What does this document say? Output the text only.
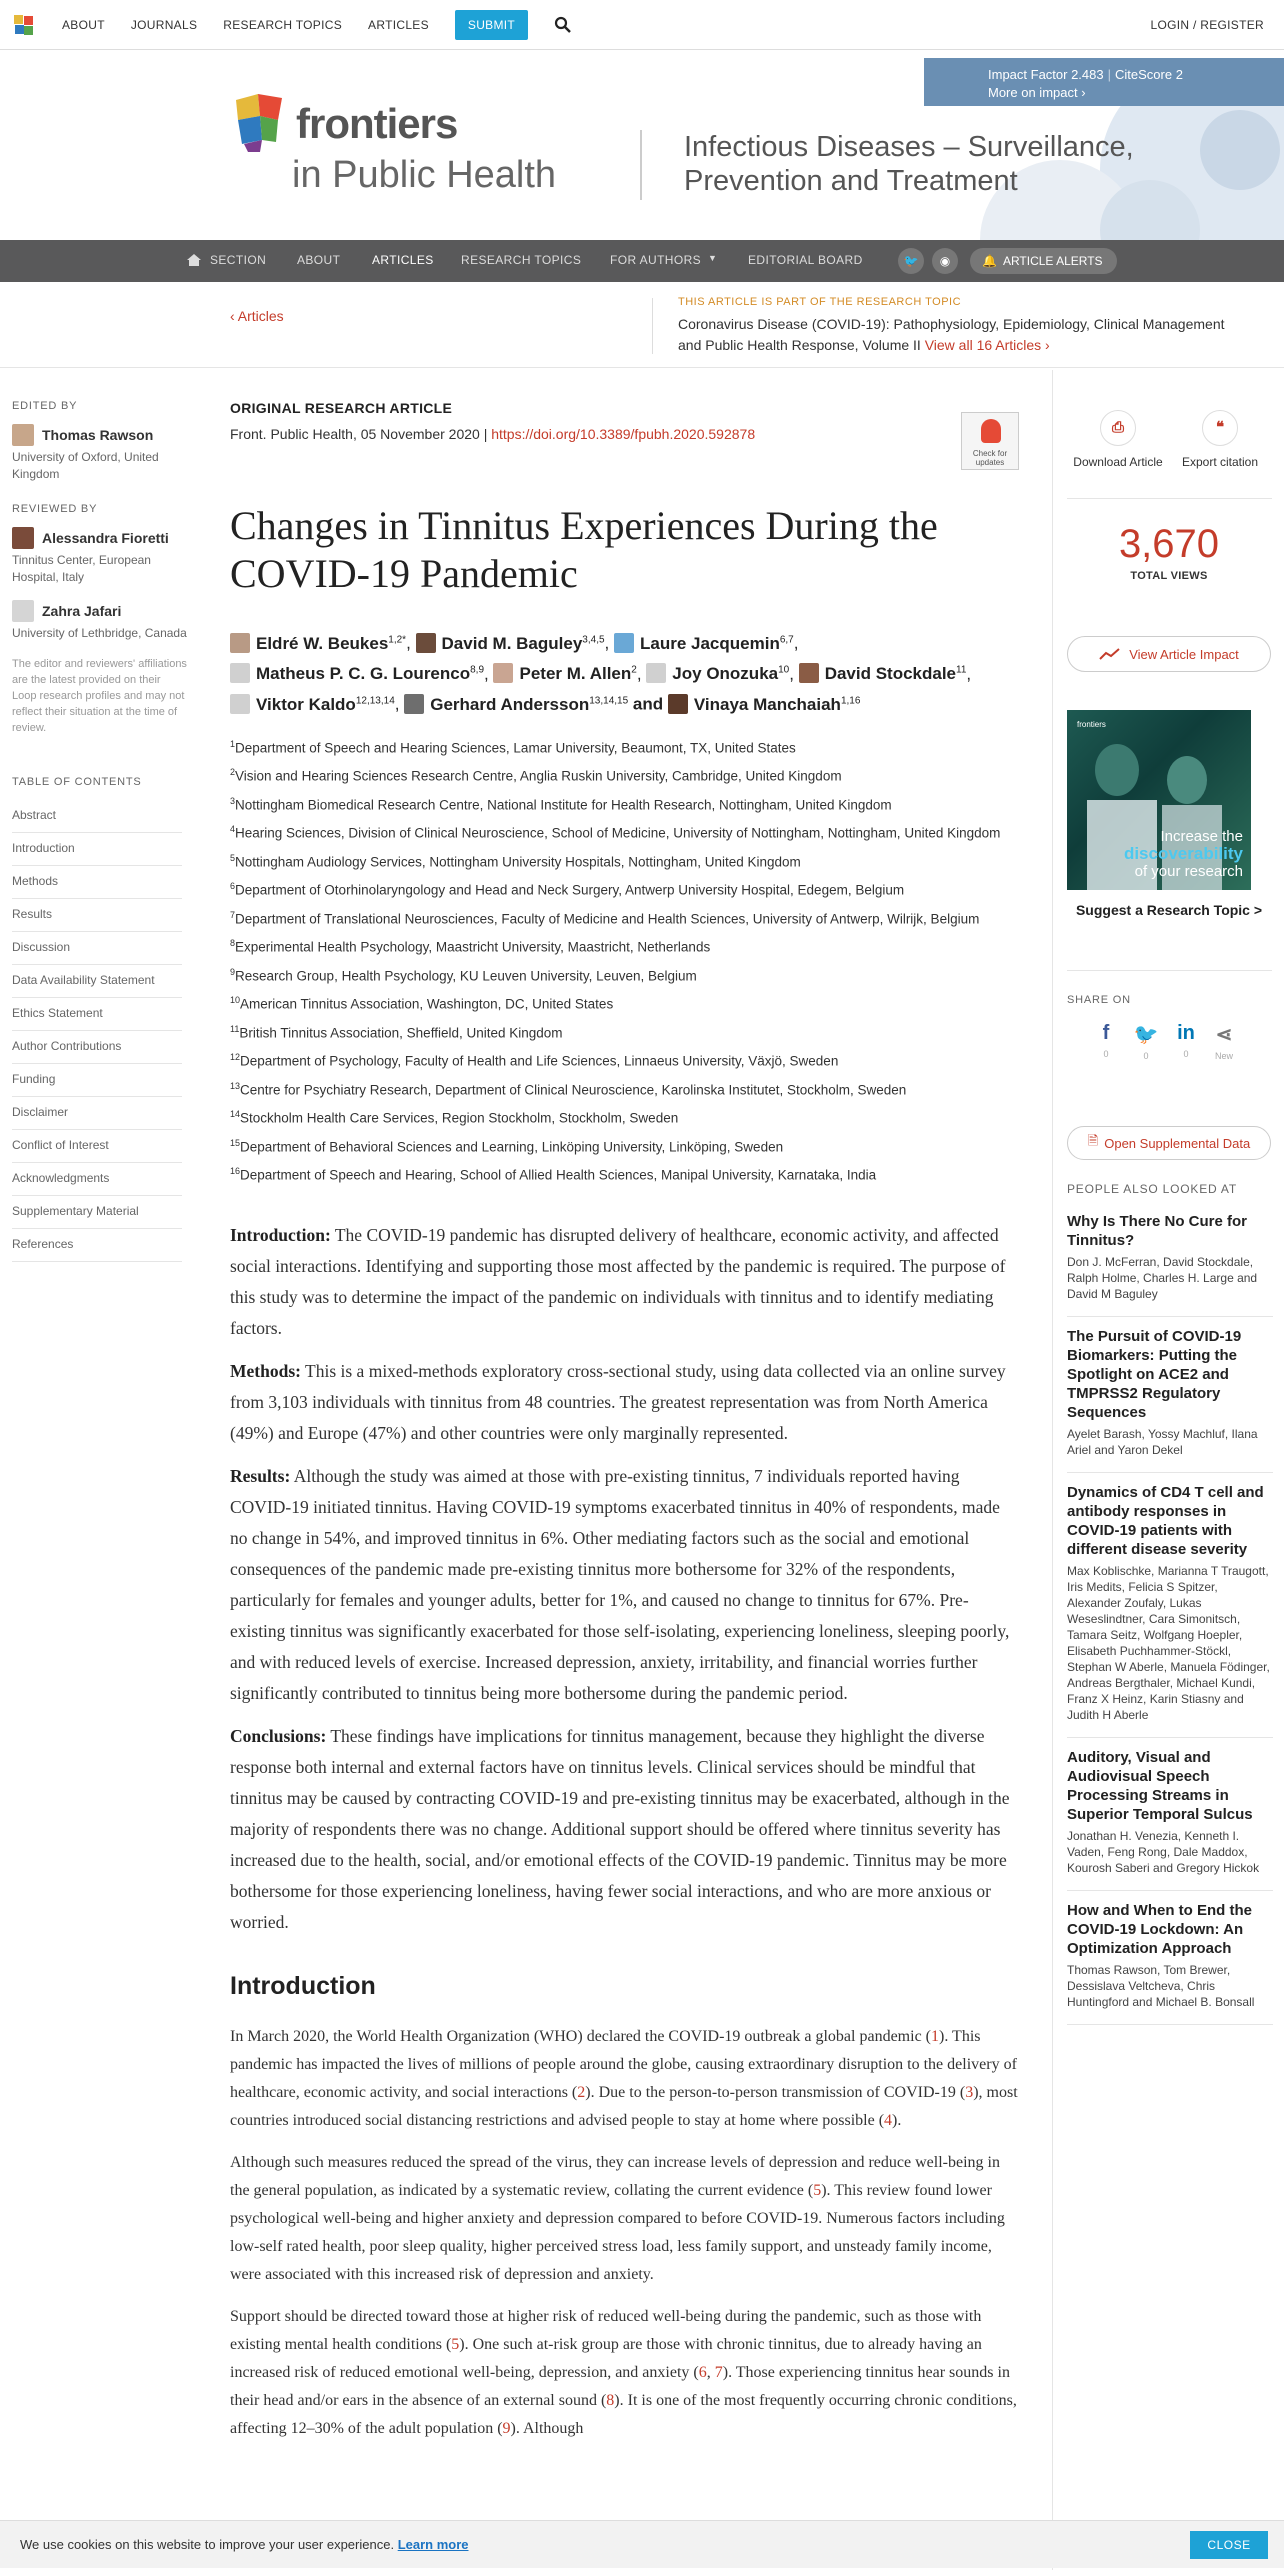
ABOUT JOURNALS RESEARCH TOPICS ARTICLES	SUBMIT	LOGIN / REGISTER
Impact Factor 2.483 | CiteScore 2
More on impact ›
frontiers
in Public Health
Infectious Diseases – Surveillance, Prevention and Treatment
SECTION	ABOUT	ARTICLES RESEARCH TOPICS FOR AUTHORS ▼	EDITORIAL BOARD	🐦	◉	🔔 ARTICLE ALERTS
‹ Articles
THIS ARTICLE IS PART OF THE RESEARCH TOPIC
Coronavirus Disease (COVID-19): Pathophysiology, Epidemiology, Clinical Management and Public Health Response, Volume II View all 16 Articles ›
EDITED BY
Thomas Rawson
University of Oxford, United Kingdom
REVIEWED BY
Alessandra Fioretti
Tinnitus Center, European Hospital, Italy
Zahra Jafari
University of Lethbridge, Canada
The editor and reviewers' affiliations are the latest provided on their Loop research profiles and may not reflect their situation at the time of review.
TABLE OF CONTENTS
Abstract
Introduction
Methods
Results
Discussion
Data Availability Statement
Ethics Statement
Author Contributions
Funding
Disclaimer
Conflict of Interest
Acknowledgments
Supplementary Material
References
ORIGINAL RESEARCH ARTICLE
Front. Public Health, 05 November 2020 | https://doi.org/10.3389/fpubh.2020.592878
Check for updates
Changes in Tinnitus Experiences During the COVID-19 Pandemic
Eldré W. Beukes$^{1,2*}$, David M. Baguley$^{3,4,5}$, Laure Jacquemin$^{6,7}$, Matheus P. C. G. Lourenco$^{8,9}$, Peter M. Allen$^2$, Joy Onozuka$^{10}$, David Stockdale$^{11}$, Viktor Kaldo$^{12,13,14}$, Gerhard Andersson$^{13,14,15}$ and Vinaya Manchaiah$^{1,16}$
$^1$Department of Speech and Hearing Sciences, Lamar University, Beaumont, TX, United States
$^2$Vision and Hearing Sciences Research Centre, Anglia Ruskin University, Cambridge, United Kingdom
$^3$Nottingham Biomedical Research Centre, National Institute for Health Research, Nottingham, United Kingdom
$^4$Hearing Sciences, Division of Clinical Neuroscience, School of Medicine, University of Nottingham, Nottingham, United Kingdom
$^5$Nottingham Audiology Services, Nottingham University Hospitals, Nottingham, United Kingdom
$^6$Department of Otorhinolaryngology and Head and Neck Surgery, Antwerp University Hospital, Edegem, Belgium
$^7$Department of Translational Neurosciences, Faculty of Medicine and Health Sciences, University of Antwerp, Wilrijk, Belgium
$^8$Experimental Health Psychology, Maastricht University, Maastricht, Netherlands
$^9$Research Group, Health Psychology, KU Leuven University, Leuven, Belgium
$^{10}$American Tinnitus Association, Washington, DC, United States
$^{11}$British Tinnitus Association, Sheffield, United Kingdom
$^{12}$Department of Psychology, Faculty of Health and Life Sciences, Linnaeus University, Växjö, Sweden
$^{13}$Centre for Psychiatry Research, Department of Clinical Neuroscience, Karolinska Institutet, Stockholm, Sweden
$^{14}$Stockholm Health Care Services, Region Stockholm, Stockholm, Sweden
$^{15}$Department of Behavioral Sciences and Learning, Linköping University, Linköping, Sweden
$^{16}$Department of Speech and Hearing, School of Allied Health Sciences, Manipal University, Karnataka, India

Introduction: The COVID-19 pandemic has disrupted delivery of healthcare, economic activity, and affected social interactions. Identifying and supporting those most affected by the pandemic is required. The purpose of this study was to determine the impact of the pandemic on individuals with tinnitus and to identify mediating factors.

Methods: This is a mixed-methods exploratory cross-sectional study, using data collected via an online survey from 3,103 individuals with tinnitus from 48 countries. The greatest representation was from North America (49%) and Europe (47%) and other countries were only marginally represented.

Results: Although the study was aimed at those with pre-existing tinnitus, 7 individuals reported having COVID-19 initiated tinnitus. Having COVID-19 symptoms exacerbated tinnitus in 40% of respondents, made no change in 54%, and improved tinnitus in 6%. Other mediating factors such as the social and emotional consequences of the pandemic made pre-existing tinnitus more bothersome for 32% of the respondents, particularly for females and younger adults, better for 1%, and caused no change to tinnitus for 67%. Pre-existing tinnitus was significantly exacerbated for those self-isolating, experiencing loneliness, sleeping poorly, and with reduced levels of exercise. Increased depression, anxiety, irritability, and financial worries further significantly contributed to tinnitus being more bothersome during the pandemic period.

Conclusions: These findings have implications for tinnitus management, because they highlight the diverse response both internal and external factors have on tinnitus levels. Clinical services should be mindful that tinnitus may be caused by contracting COVID-19 and pre-existing tinnitus may be exacerbated, although in the majority of respondents there was no change. Additional support should be offered where tinnitus severity has increased due to the health, social, and/or emotional effects of the COVID-19 pandemic. Tinnitus may be more bothersome for those experiencing loneliness, having fewer social interactions, and who are more anxious or worried.

Introduction

In March 2020, the World Health Organization (WHO) declared the COVID-19 outbreak a global pandemic (1). This pandemic has impacted the lives of millions of people around the globe, causing extraordinary disruption to the delivery of healthcare, economic activity, and social interactions (2). Due to the person-to-person transmission of COVID-19 (3), most countries introduced social distancing restrictions and advised people to stay at home where possible (4).

Although such measures reduced the spread of the virus, they can increase levels of depression and reduce well-being in the general population, as indicated by a systematic review, collating the current evidence (5). This review found lower psychological well-being and higher anxiety and depression compared to before COVID-19. Numerous factors including low-self rated health, poor sleep quality, higher perceived stress load, less family support, and unsteady family income, were associated with this increased risk of depression and anxiety.

Support should be directed toward those at higher risk of reduced well-being during the pandemic, such as those with existing mental health conditions (5). One such at-risk group are those with chronic tinnitus, due to already having an increased risk of reduced emotional well-being, depression, and anxiety (6, 7). Those experiencing tinnitus hear sounds in their head and/or ears in the absence of an external sound (8). It is one of the most frequently occurring chronic conditions, affecting 12–30% of the adult population (9). Although

⎙
Download Article
❝
Export citation
3,670
TOTAL VIEWS
View Article Impact
frontiers
Increase the
discoverability
of your research
Suggest a Research Topic >
SHARE ON
f
0
🐦
0
in
0
⋖
New
🗎 Open Supplemental Data
PEOPLE ALSO LOOKED AT
Why Is There No Cure for Tinnitus?
Don J. McFerran, David Stockdale, Ralph Holme, Charles H. Large and David M Baguley
The Pursuit of COVID-19 Biomarkers: Putting the Spotlight on ACE2 and TMPRSS2 Regulatory Sequences
Ayelet Barash, Yossy Machluf, Ilana Ariel and Yaron Dekel
Dynamics of CD4 T cell and antibody responses in COVID-19 patients with different disease severity
Max Koblischke, Marianna T Traugott, Iris Medits, Felicia S Spitzer, Alexander Zoufaly, Lukas Weseslindtner, Cara Simonitsch, Tamara Seitz, Wolfgang Hoepler, Elisabeth Puchhammer-Stöckl, Stephan W Aberle, Manuela Födinger, Andreas Bergthaler, Michael Kundi, Franz X Heinz, Karin Stiasny and Judith H Aberle
Auditory, Visual and Audiovisual Speech Processing Streams in Superior Temporal Sulcus
Jonathan H. Venezia, Kenneth I. Vaden, Feng Rong, Dale Maddox, Kourosh Saberi and Gregory Hickok
How and When to End the COVID-19 Lockdown: An Optimization Approach
Thomas Rawson, Tom Brewer, Dessislava Veltcheva, Chris Huntingford and Michael B. Bonsall
We use cookies on this website to improve your user experience. Learn more	CLOSE
